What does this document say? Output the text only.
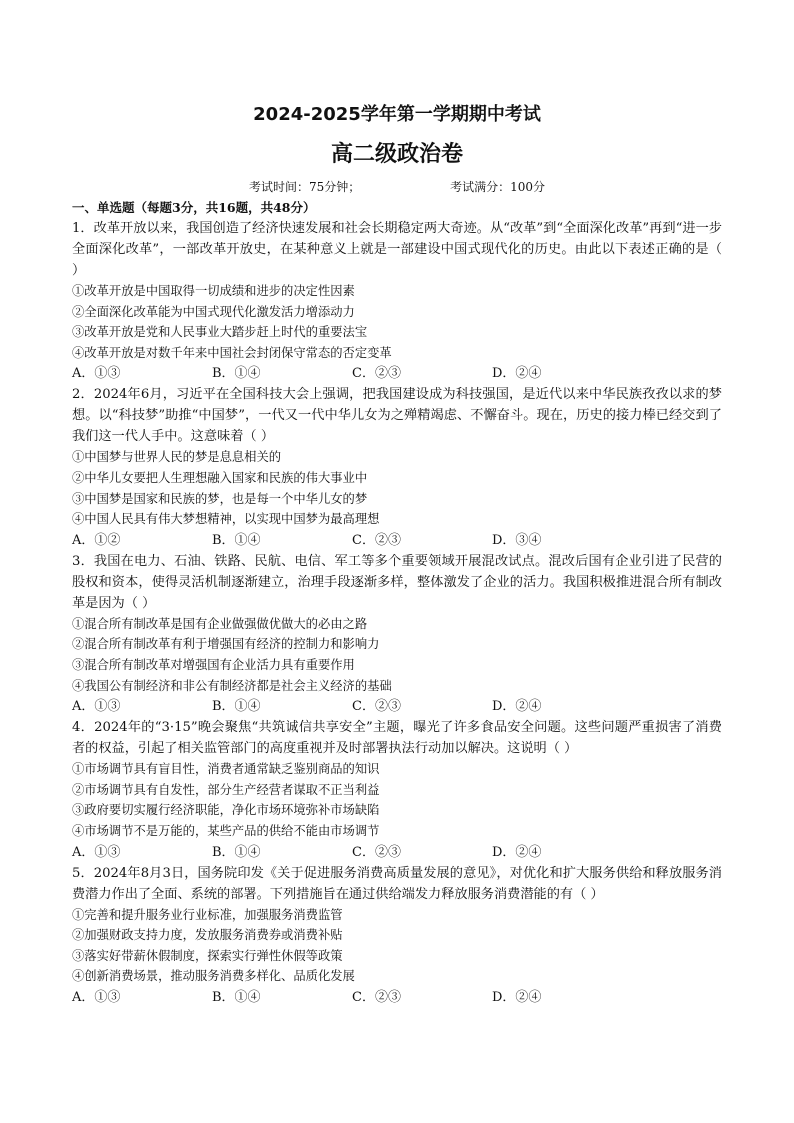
2024-2025学年第一学期期中考试
高二级政治卷
考试时间：75分钟；	考试满分：100分
一、单选题（每题3分，共16题，共48分）
1．改革开放以来，我国创造了经济快速发展和社会长期稳定两大奇迹。从“改革”到“全面深化改革”再到“进一步全面深化改革”，一部改革开放史，在某种意义上就是一部建设中国式现代化的历史。由此以下表述正确的是（ ）
①改革开放是中国取得一切成绩和进步的决定性因素
②全面深化改革能为中国式现代化激发活力增添动力
③改革开放是党和人民事业大踏步赶上时代的重要法宝
④改革开放是对数千年来中国社会封闭保守常态的否定变革
A．①③	B．①④	C．②③	D．②④
2．2024年6月，习近平在全国科技大会上强调，把我国建设成为科技强国，是近代以来中华民族孜孜以求的梦想。以“科技梦”助推“中国梦”，一代又一代中华儿女为之殚精竭虑、不懈奋斗。现在，历史的接力棒已经交到了我们这一代人手中。这意味着（ ）
①中国梦与世界人民的梦是息息相关的
②中华儿女要把人生理想融入国家和民族的伟大事业中
③中国梦是国家和民族的梦，也是每一个中华儿女的梦
④中国人民具有伟大梦想精神，以实现中国梦为最高理想
A．①②	B．①④	C．②③	D．③④
3．我国在电力、石油、铁路、民航、电信、军工等多个重要领域开展混改试点。混改后国有企业引进了民营的股权和资本，使得灵活机制逐渐建立，治理手段逐渐多样，整体激发了企业的活力。我国积极推进混合所有制改革是因为（ ）
①混合所有制改革是国有企业做强做优做大的必由之路
②混合所有制改革有利于增强国有经济的控制力和影响力
③混合所有制改革对增强国有企业活力具有重要作用
④我国公有制经济和非公有制经济都是社会主义经济的基础
A．①③	B．①④	C．②③	D．②④
4．2024年的“3·15”晚会聚焦“共筑诚信共享安全”主题，曝光了许多食品安全问题。这些问题严重损害了消费者的权益，引起了相关监管部门的高度重视并及时部署执法行动加以解决。这说明（ ）
①市场调节具有盲目性，消费者通常缺乏鉴别商品的知识
②市场调节具有自发性，部分生产经营者谋取不正当利益
③政府要切实履行经济职能，净化市场环境弥补市场缺陷
④市场调节不是万能的，某些产品的供给不能由市场调节
A．①③	B．①④	C．②③	D．②④
5．2024年8月3日，国务院印发《关于促进服务消费高质量发展的意见》，对优化和扩大服务供给和释放服务消费潜力作出了全面、系统的部署。下列措施旨在通过供给端发力释放服务消费潜能的有（ ）
①完善和提升服务业行业标准，加强服务消费监管
②加强财政支持力度，发放服务消费券或消费补贴
③落实好带薪休假制度，探索实行弹性休假等政策
④创新消费场景，推动服务消费多样化、品质化发展
A．①③	B．①④	C．②③	D．②④
